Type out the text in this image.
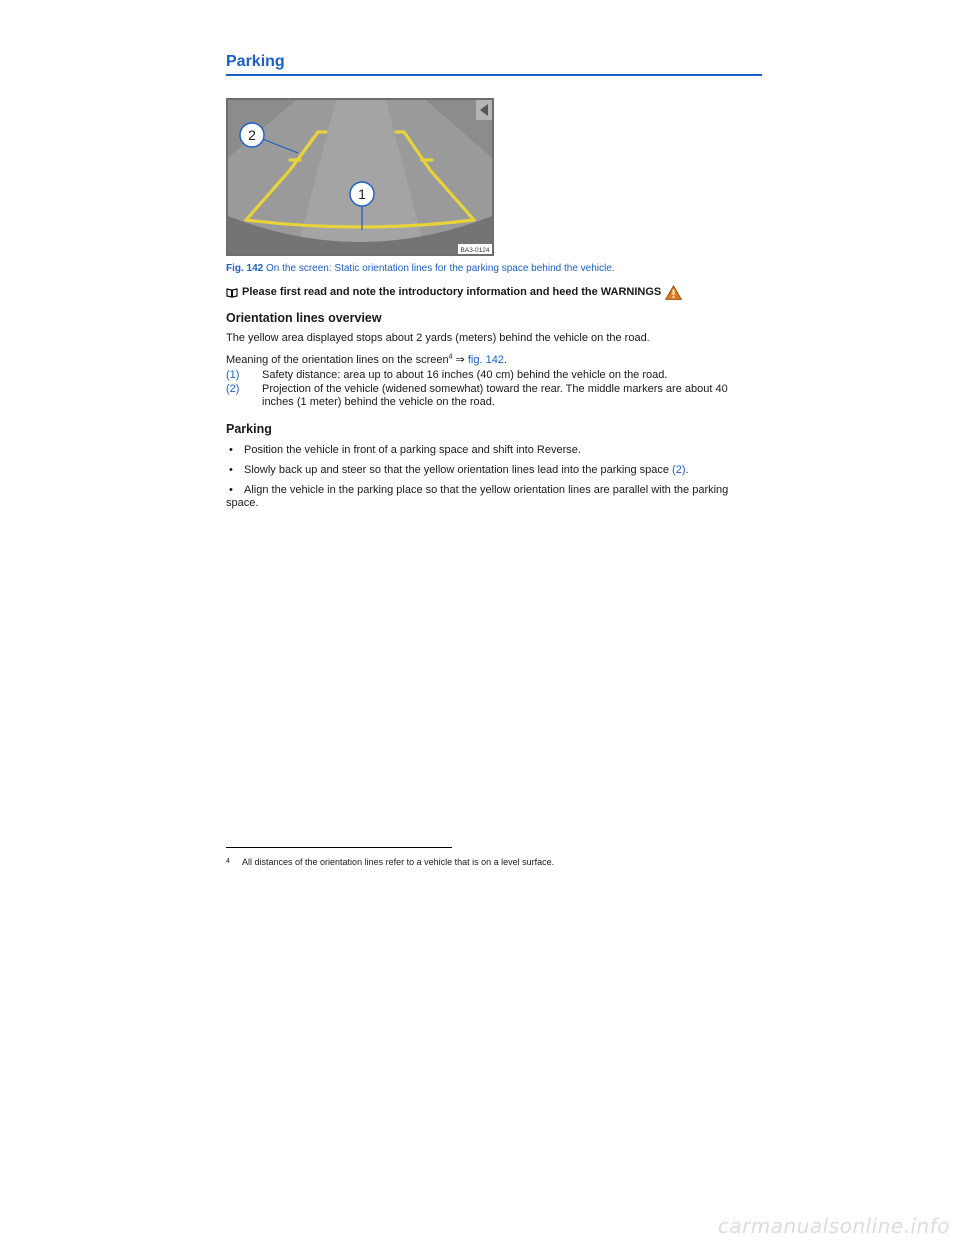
Parking
2
1
BA3-0124
Fig. 142 On the screen: Static orientation lines for the parking space behind the vehicle.
Please first read and note the introductory information and heed the WARNINGS
Orientation lines overview

The yellow area displayed stops about 2 yards (meters) behind the vehicle on the road.

Meaning of the orientation lines on the screen$^4$ ⇒ fig. 142.

(1)	Safety distance: area up to about 16 inches (40 cm) behind the vehicle on the road.
(2)	Projection of the vehicle (widened somewhat) toward the rear. The middle markers are about 40 inches (1 meter) behind the vehicle on the road.
Parking
•	Position the vehicle in front of a parking space and shift into Reverse.
•	Slowly back up and steer so that the yellow orientation lines lead into the parking space (2).
• Align the vehicle in the parking place so that the yellow orientation lines are parallel with the parking space.
4	All distances of the orientation lines refer to a vehicle that is on a level surface.
carmanualsonline.info
